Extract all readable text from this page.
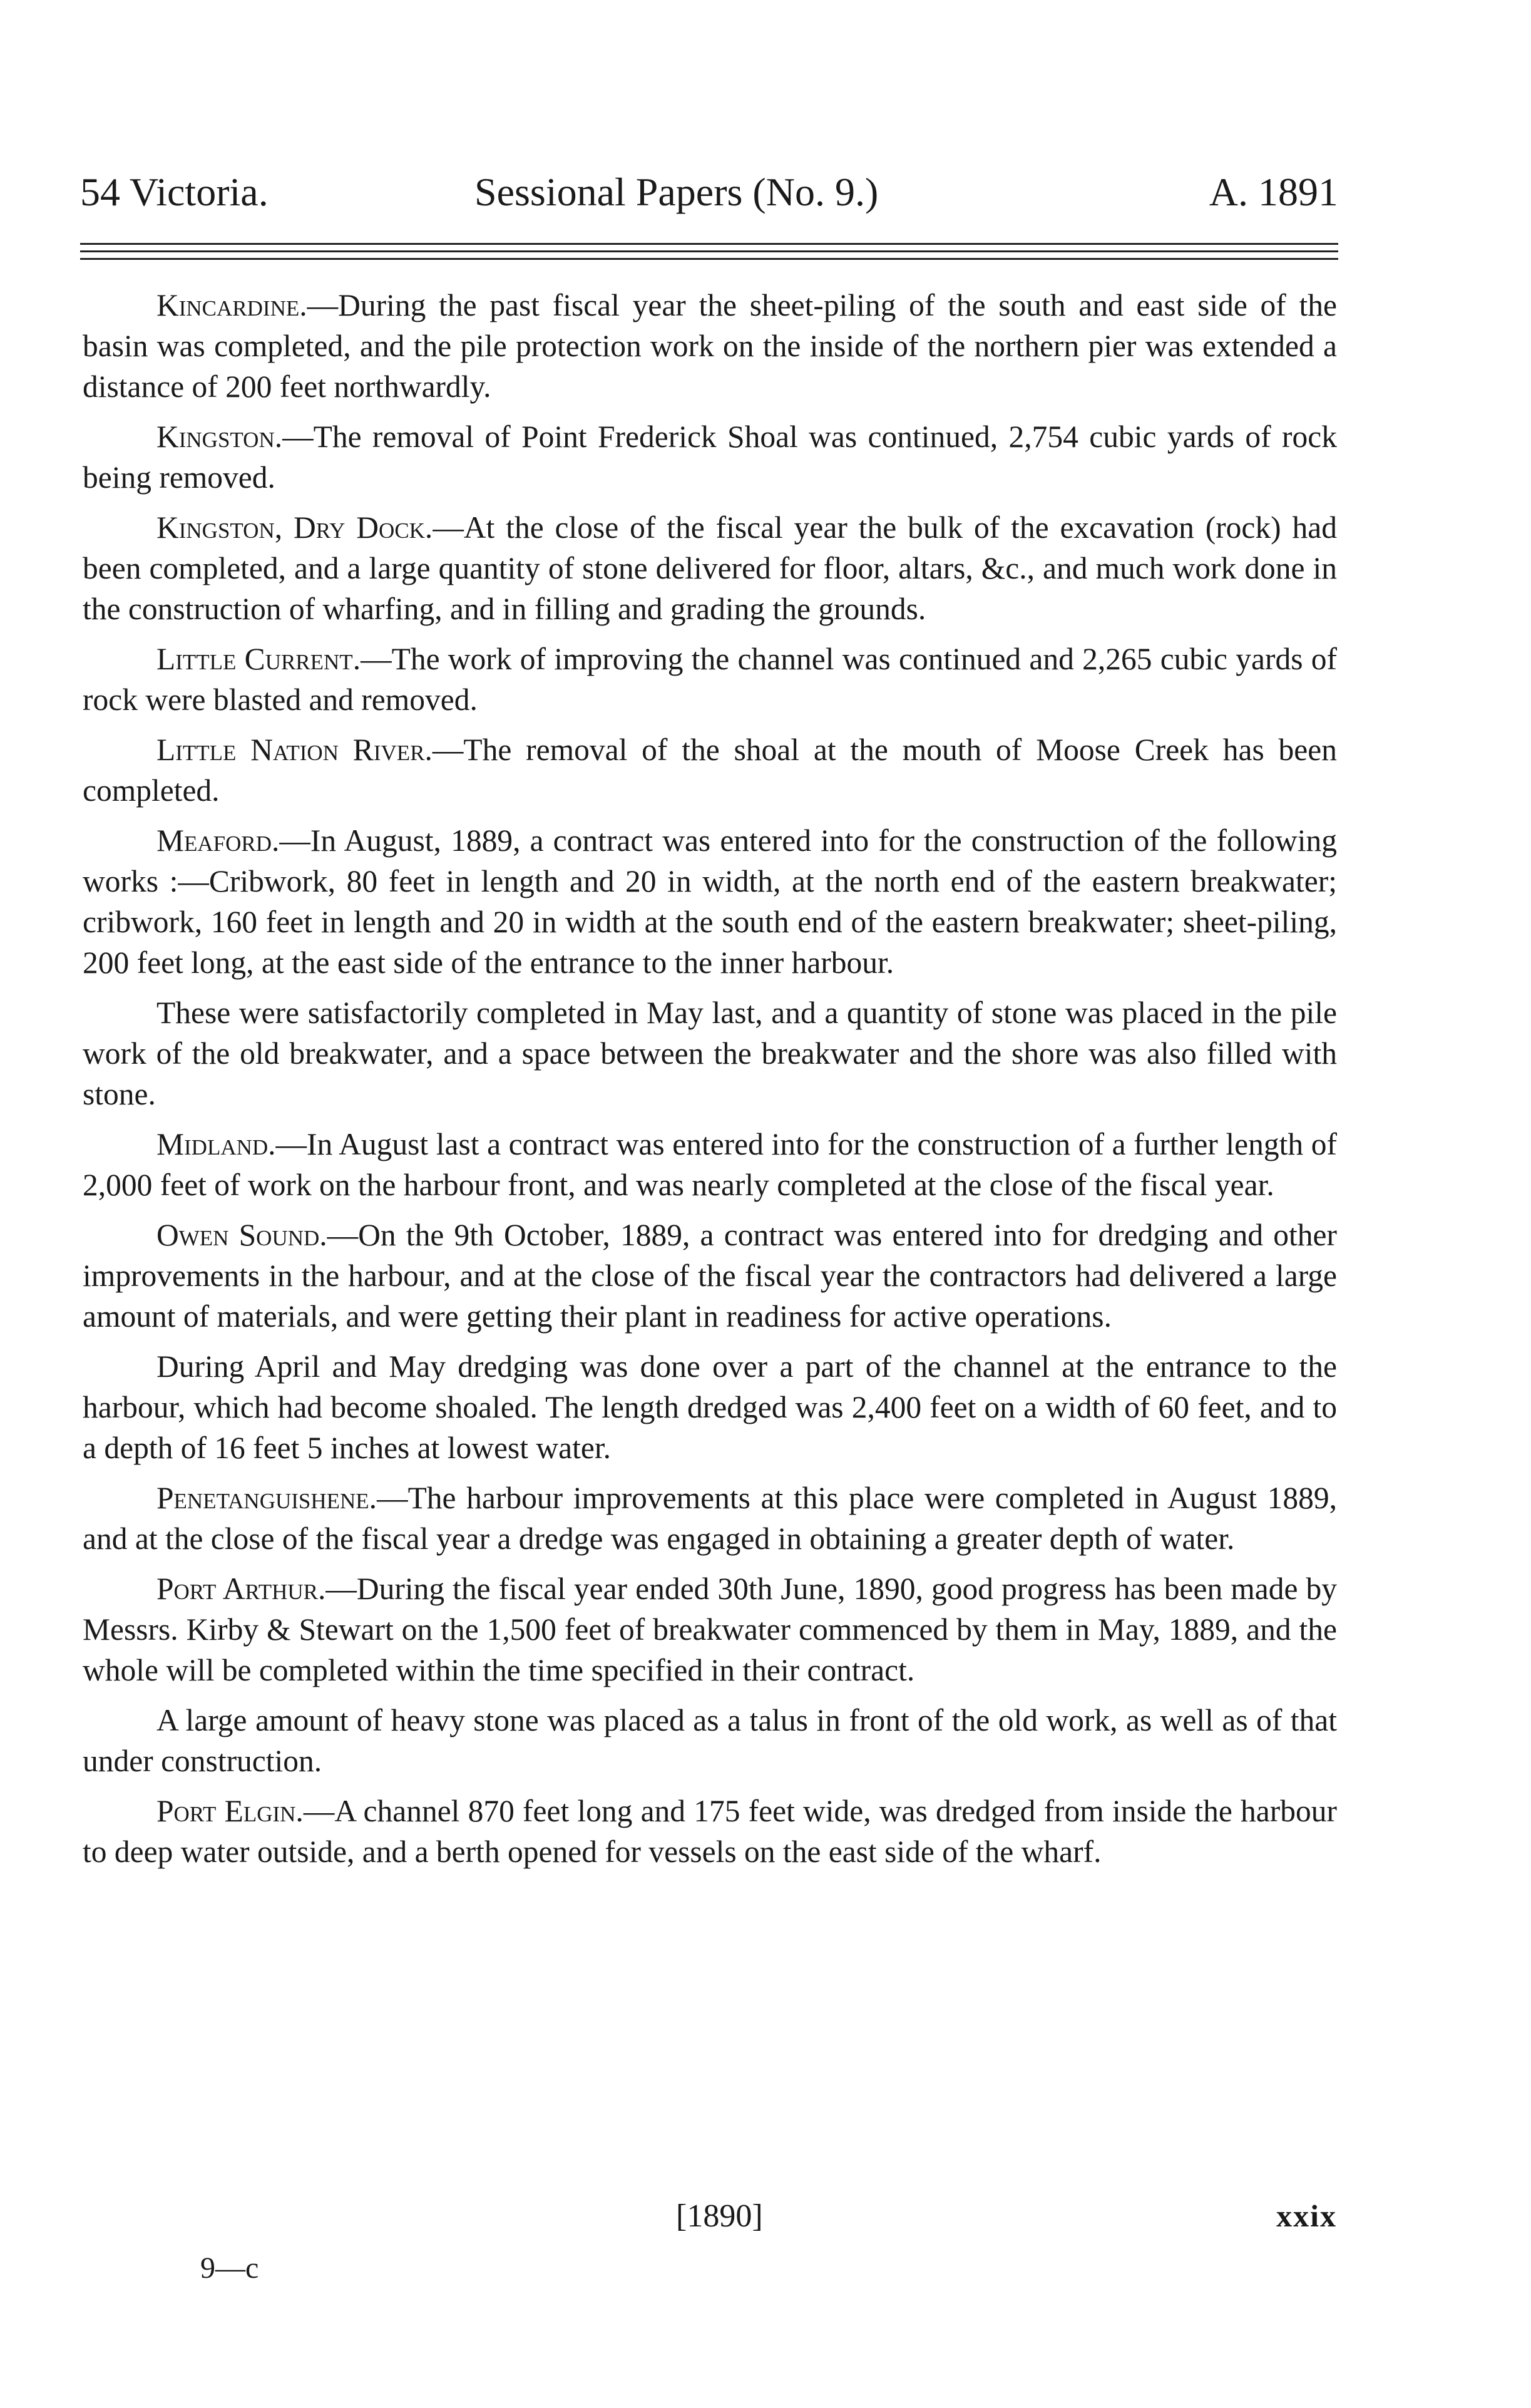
54 Victoria.	Sessional Papers (No. 9.)	A. 1891

Kincardine.—During the past fiscal year the sheet-piling of the south and east side of the basin was completed, and the pile protection work on the inside of the northern pier was extended a distance of 200 feet northwardly.

Kingston.—The removal of Point Frederick Shoal was continued, 2,754 cubic yards of rock being removed.

Kingston, Dry Dock.—At the close of the fiscal year the bulk of the excavation (rock) had been completed, and a large quantity of stone delivered for floor, altars, &c., and much work done in the construction of wharfing, and in filling and grading the grounds.

Little Current.—The work of improving the channel was continued and 2,265 cubic yards of rock were blasted and removed.

Little Nation River.—The removal of the shoal at the mouth of Moose Creek has been completed.

Meaford.—In August, 1889, a contract was entered into for the construction of the following works :—Cribwork, 80 feet in length and 20 in width, at the north end of the eastern breakwater; cribwork, 160 feet in length and 20 in width at the south end of the eastern breakwater; sheet-piling, 200 feet long, at the east side of the entrance to the inner harbour.

These were satisfactorily completed in May last, and a quantity of stone was placed in the pile work of the old breakwater, and a space between the breakwater and the shore was also filled with stone.

Midland.—In August last a contract was entered into for the construction of a further length of 2,000 feet of work on the harbour front, and was nearly completed at the close of the fiscal year.

Owen Sound.—On the 9th October, 1889, a contract was entered into for dredging and other improvements in the harbour, and at the close of the fiscal year the contractors had delivered a large amount of materials, and were getting their plant in readiness for active operations.

During April and May dredging was done over a part of the channel at the entrance to the harbour, which had become shoaled. The length dredged was 2,400 feet on a width of 60 feet, and to a depth of 16 feet 5 inches at lowest water.

Penetanguishene.—The harbour improvements at this place were completed in August 1889, and at the close of the fiscal year a dredge was engaged in obtaining a greater depth of water.

Port Arthur.—During the fiscal year ended 30th June, 1890, good progress has been made by Messrs. Kirby & Stewart on the 1,500 feet of breakwater commenced by them in May, 1889, and the whole will be completed within the time specified in their contract.

A large amount of heavy stone was placed as a talus in front of the old work, as well as of that under construction.

Port Elgin.—A channel 870 feet long and 175 feet wide, was dredged from inside the harbour to deep water outside, and a berth opened for vessels on the east side of the wharf.

[1890]	xxix
9—c
